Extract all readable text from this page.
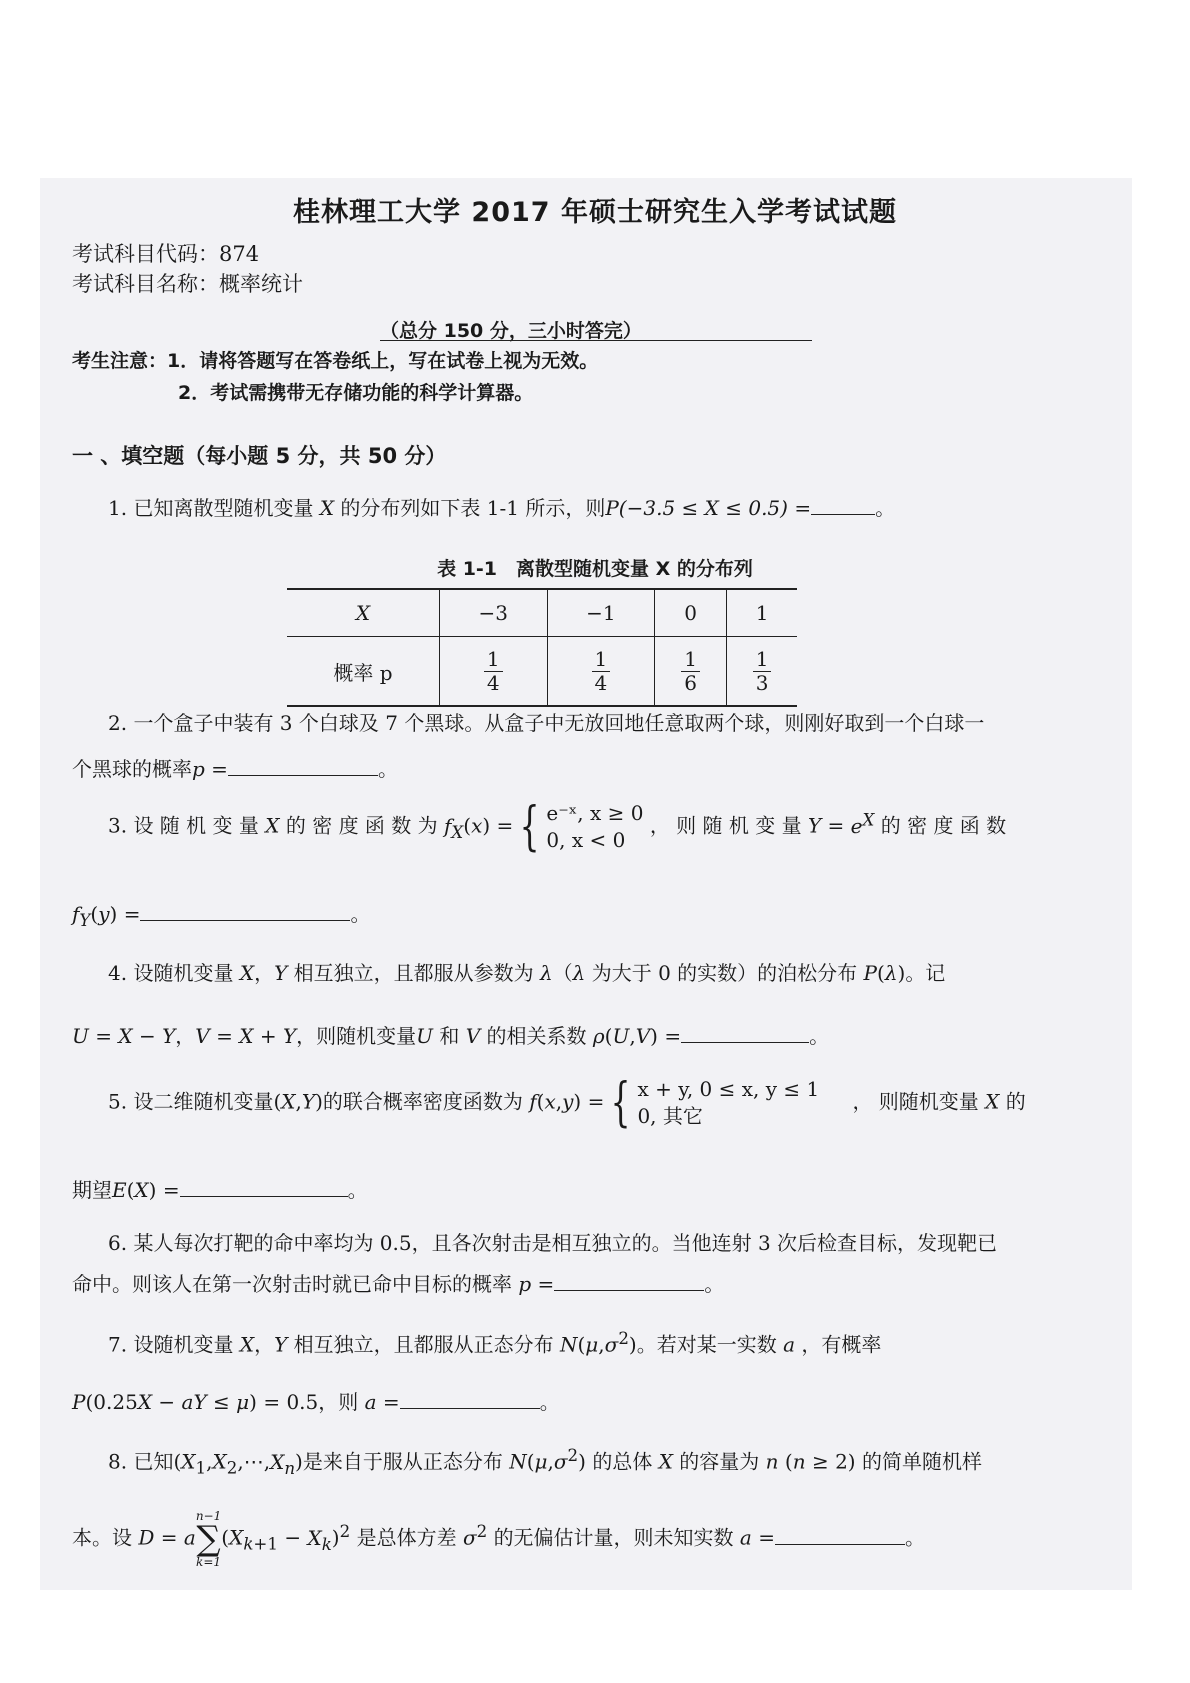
桂林理工大学 2017 年硕士研究生入学考试试题
考试科目代码：874
考试科目名称：概率统计
（总分 150 分，三小时答完）
考生注意：1．请将答题写在答卷纸上，写在试卷上视为无效。
2．考试需携带无存储功能的科学计算器。
一 、填空题（每小题 5 分，共 50 分）
1. 已知离散型随机变量 X 的分布列如下表 1-1 所示，则P(−3.5 ≤ X ≤ 0.5) =	。
表 1-1　离散型随机变量 X 的分布列
X	−3	−1	0	1
概率 p	$\frac{1}{4}$	$\frac{1}{4}$	$\frac{1}{6}$	$\frac{1}{3}$
2. 一个盒子中装有 3 个白球及 7 个黑球。从盒子中无放回地任意取两个球，则刚好取到一个白球一
个黑球的概率p =	。
3. 设 随 机 变 量 X 的 密 度 函 数 为 $f_X(x)$ = { e⁻ˣ, x ≥ 0
0, x < 0 ， 则 随 机 变 量 $Y = e^X$ 的 密 度 函 数
$f_Y(y)$ =	。
4. 设随机变量 X，Y 相互独立，且都服从参数为 λ（λ 为大于 0 的实数）的泊松分布 P(λ)。记
U = X − Y，V = X + Y，则随机变量U 和 V 的相关系数 ρ(U,V) =	。
5. 设二维随机变量(X,Y)的联合概率密度函数为 f(x,y) = { x + y, 0 ≤ x, y ≤ 1
0, 其它， 则随机变量 X 的
期望E(X) =	。
6. 某人每次打靶的命中率均为 0.5，且各次射击是相互独立的。当他连射 3 次后检查目标，发现靶已
命中。则该人在第一次射击时就已命中目标的概率 p =	。
7. 设随机变量 X，Y 相互独立，且都服从正态分布 $N(\mu,\sigma^2)$。若对某一实数 a ，有概率
P(0.25X − aY ≤ μ) = 0.5，则 a =	。
8. 已知$(X_1,X_2,\cdots,X_n)$是来自于服从正态分布 $N(\mu,\sigma^2)$ 的总体 X 的容量为 n (n ≥ 2) 的简单随机样
本。设 D = a
n−1
∑
k=1
$(X_{k+1} - X_k)^2$ 是总体方差 $\sigma^2$ 的无偏估计量，则未知实数 a =	。
